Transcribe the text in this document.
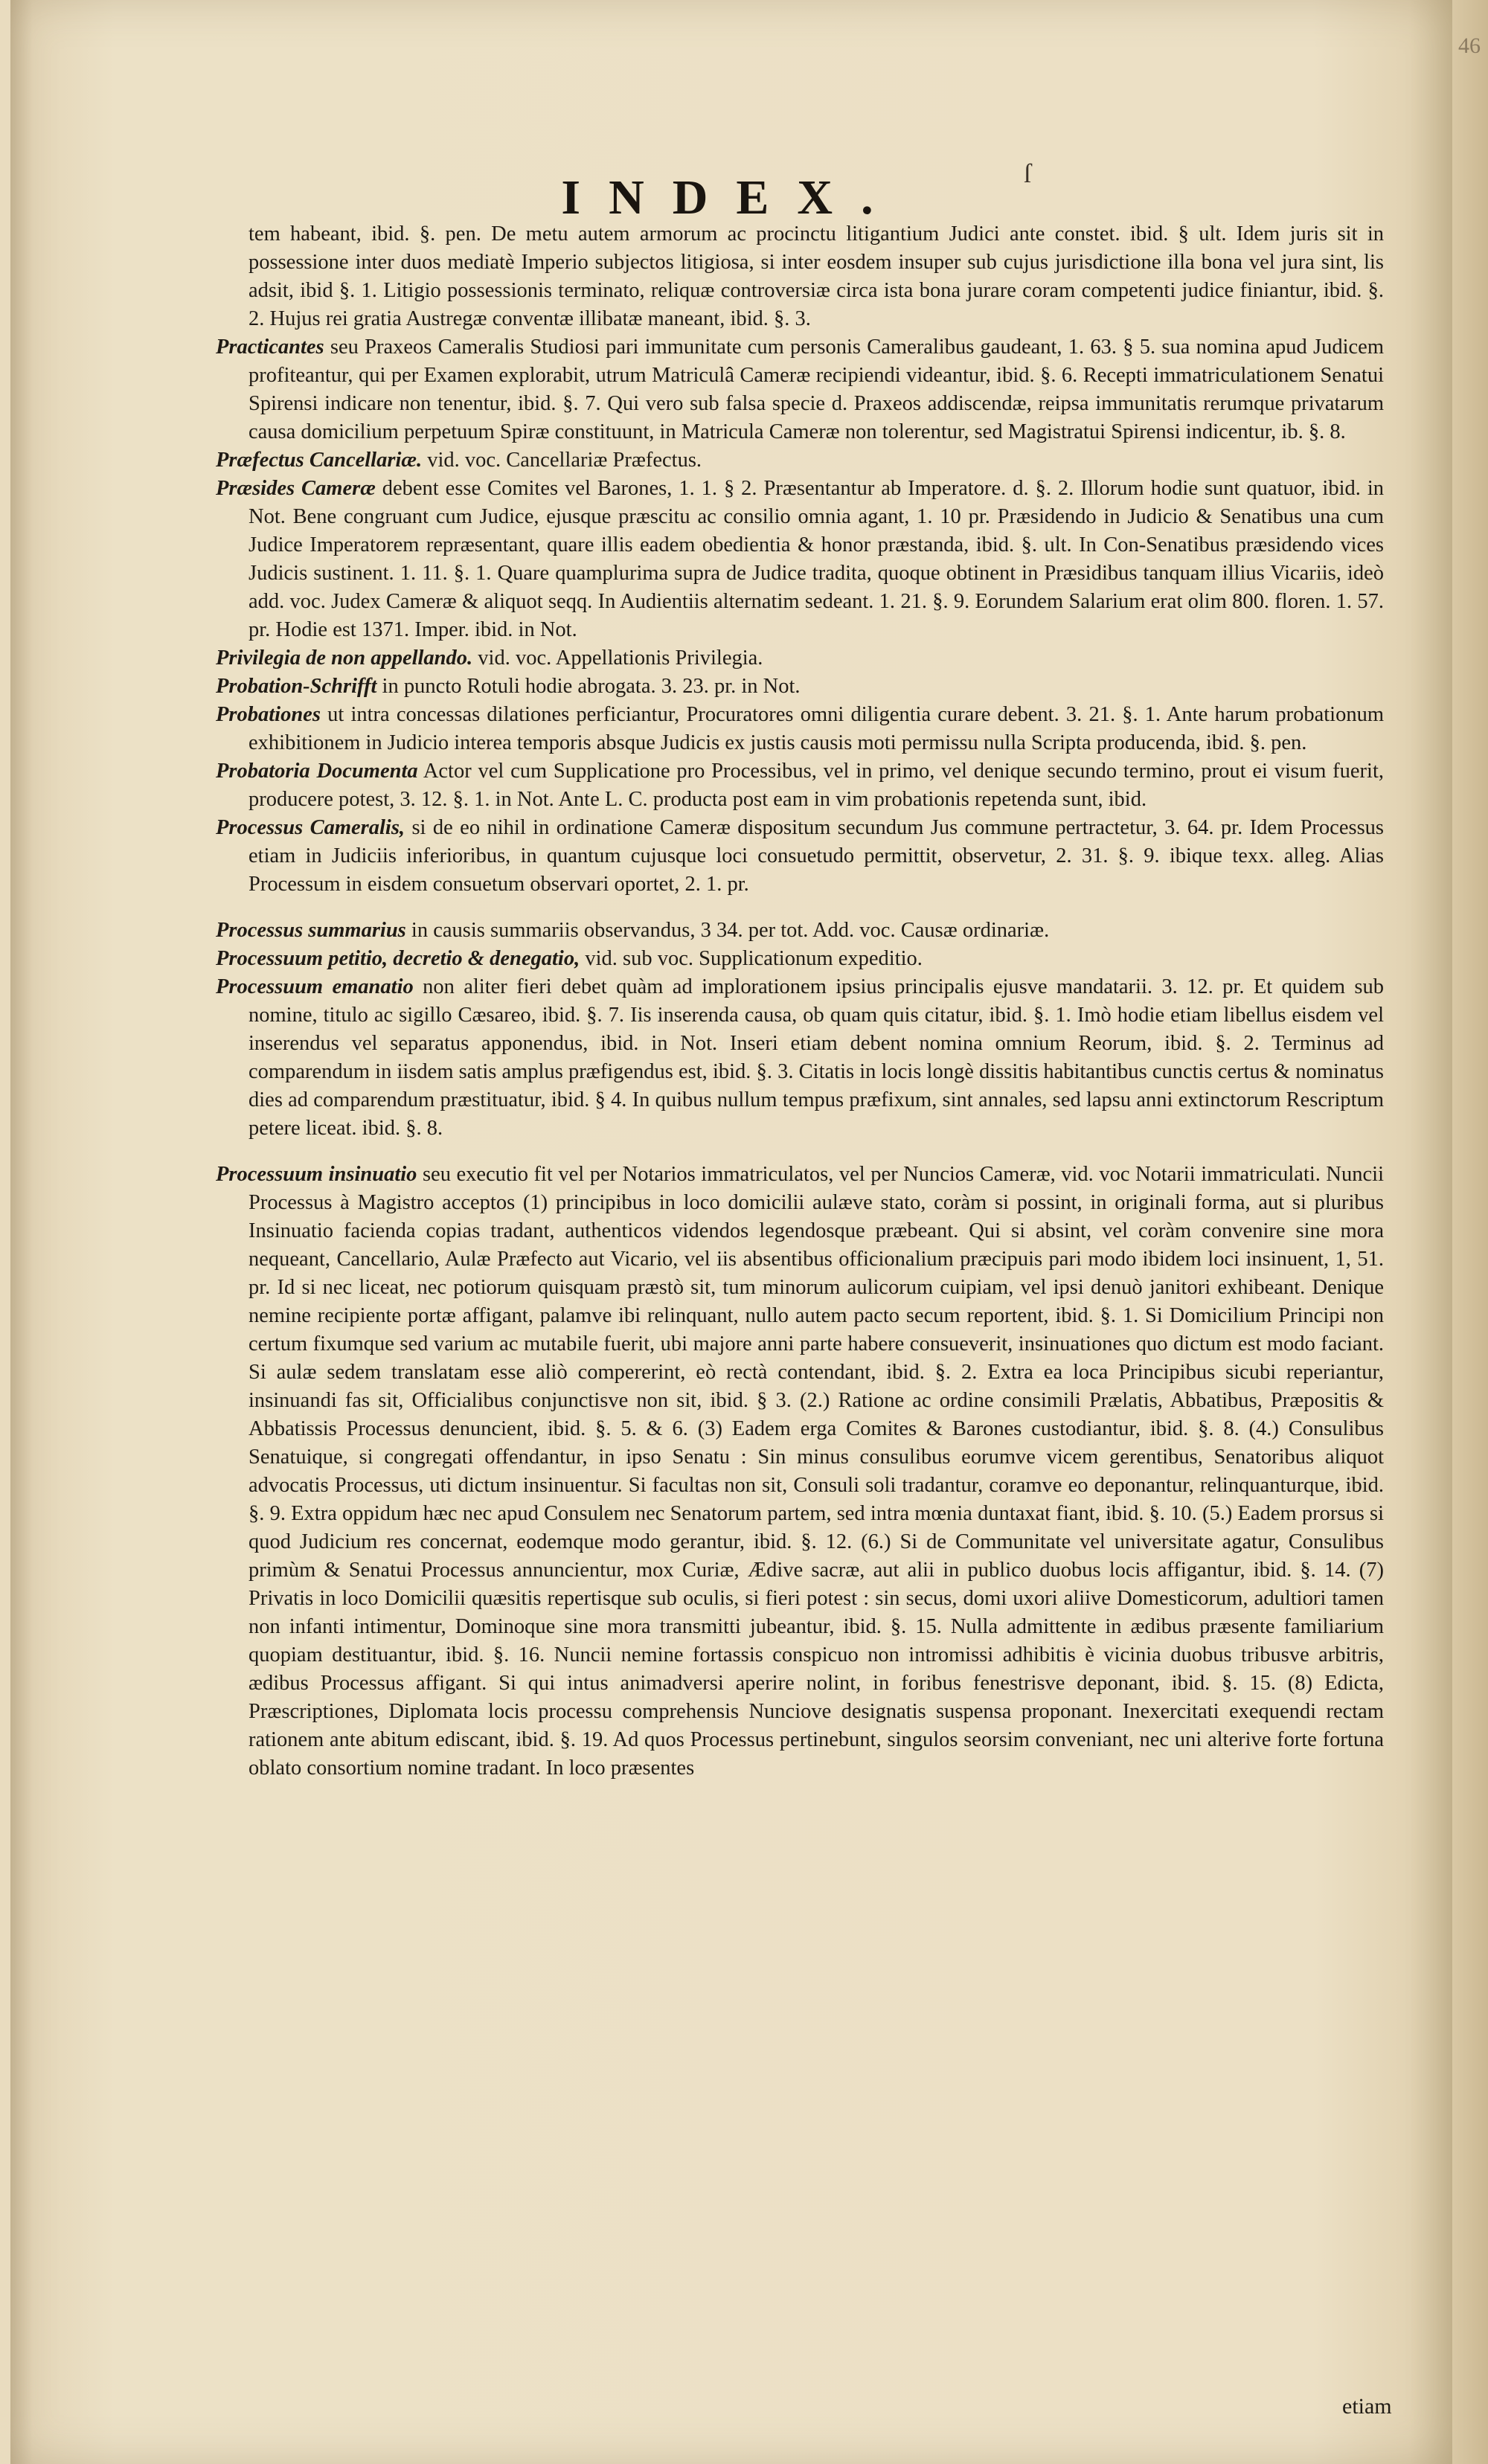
INDEX.	ſ

tem habeant, ibid. §. pen. De metu autem armorum ac procinctu litigantium Judici ante constet. ibid. § ult. Idem juris sit in possessione inter duos mediatè Imperio subjectos litigiosa, si inter eosdem insuper sub cujus jurisdictione illa bona vel jura sint, lis adsit, ibid §. 1. Litigio possessionis terminato, reliquæ controversiæ circa ista bona jurare coram competenti judice finiantur, ibid. §. 2. Hujus rei gratia Austregæ conventæ illibatæ maneant, ibid. §. 3.

Practicantes seu Praxeos Cameralis Studiosi pari immunitate cum personis Cameralibus gaudeant, 1. 63. § 5. sua nomina apud Judicem profiteantur, qui per Examen explorabit, utrum Matriculâ Cameræ recipiendi videantur, ibid. §. 6. Recepti immatriculationem Senatui Spirensi indicare non tenentur, ibid. §. 7. Qui vero sub falsa specie d. Praxeos addiscendæ, reipsa immunitatis rerumque privatarum causa domicilium perpetuum Spiræ constituunt, in Matricula Cameræ non tolerentur, sed Magistratui Spirensi indicentur, ib. §. 8.

Præfectus Cancellariæ. vid. voc. Cancellariæ Præfectus.

Præsides Cameræ debent esse Comites vel Barones, 1. 1. § 2. Præsentantur ab Imperatore. d. §. 2. Illorum hodie sunt quatuor, ibid. in Not. Bene congruant cum Judice, ejusque præscitu ac consilio omnia agant, 1. 10 pr. Præsidendo in Judicio & Senatibus una cum Judice Imperatorem repræsentant, quare illis eadem obedientia & honor præstanda, ibid. §. ult. In Con-Senatibus præsidendo vices Judicis sustinent. 1. 11. §. 1. Quare quamplurima supra de Judice tradita, quoque obtinent in Præsidibus tanquam illius Vicariis, ideò add. voc. Judex Cameræ & aliquot seqq. In Audientiis alternatim sedeant. 1. 21. §. 9. Eorundem Salarium erat olim 800. floren. 1. 57. pr. Hodie est 1371. Imper. ibid. in Not.

Privilegia de non appellando. vid. voc. Appellationis Privilegia.

Probation-Schrifft in puncto Rotuli hodie abrogata. 3. 23. pr. in Not.

Probationes ut intra concessas dilationes perficiantur, Procuratores omni diligentia curare debent. 3. 21. §. 1. Ante harum probationum exhibitionem in Judicio interea temporis absque Judicis ex justis causis moti permissu nulla Scripta producenda, ibid. §. pen.

Probatoria Documenta Actor vel cum Supplicatione pro Processibus, vel in primo, vel denique secundo termino, prout ei visum fuerit, producere potest, 3. 12. §. 1. in Not. Ante L. C. producta post eam in vim probationis repetenda sunt, ibid.

Processus Cameralis, si de eo nihil in ordinatione Cameræ dispositum secundum Jus commune pertractetur, 3. 64. pr. Idem Processus etiam in Judiciis inferioribus, in quantum cujusque loci consuetudo permittit, observetur, 2. 31. §. 9. ibique texx. alleg. Alias Processum in eisdem consuetum observari oportet, 2. 1. pr.

Processus summarius in causis summariis observandus, 3 34. per tot. Add. voc. Causæ ordinariæ.

Processuum petitio, decretio & denegatio, vid. sub voc. Supplicationum expeditio.

Processuum emanatio non aliter fieri debet quàm ad implorationem ipsius principalis ejusve mandatarii. 3. 12. pr. Et quidem sub nomine, titulo ac sigillo Cæsareo, ibid. §. 7. Iis inserenda causa, ob quam quis citatur, ibid. §. 1. Imò hodie etiam libellus eisdem vel inserendus vel separatus apponendus, ibid. in Not. Inseri etiam debent nomina omnium Reorum, ibid. §. 2. Terminus ad comparendum in iisdem satis amplus præfigendus est, ibid. §. 3. Citatis in locis longè dissitis habitantibus cunctis certus & nominatus dies ad comparendum præstituatur, ibid. § 4. In quibus nullum tempus præfixum, sint annales, sed lapsu anni extinctorum Rescriptum petere liceat. ibid. §. 8.

Processuum insinuatio seu executio fit vel per Notarios immatriculatos, vel per Nuncios Cameræ, vid. voc Notarii immatriculati. Nuncii Processus à Magistro acceptos (1) principibus in loco domicilii aulæve stato, coràm si possint, in originali forma, aut si pluribus Insinuatio facienda copias tradant, authenticos videndos legendosque præbeant. Qui si absint, vel coràm convenire sine mora nequeant, Cancellario, Aulæ Præfecto aut Vicario, vel iis absentibus officionalium præcipuis pari modo ibidem loci insinuent, 1, 51. pr. Id si nec liceat, nec potiorum quisquam præstò sit, tum minorum aulicorum cuipiam, vel ipsi denuò janitori exhibeant. Denique nemine recipiente portæ affigant, palamve ibi relinquant, nullo autem pacto secum reportent, ibid. §. 1. Si Domicilium Principi non certum fixumque sed varium ac mutabile fuerit, ubi majore anni parte habere consueverit, insinuationes quo dictum est modo faciant. Si aulæ sedem translatam esse aliò compererint, eò rectà contendant, ibid. §. 2. Extra ea loca Principibus sicubi reperiantur, insinuandi fas sit, Officialibus conjunctisve non sit, ibid. § 3. (2.) Ratione ac ordine consimili Prælatis, Abbatibus, Præpositis & Abbatissis Processus denuncient, ibid. §. 5. & 6. (3) Eadem erga Comites & Barones custodiantur, ibid. §. 8. (4.) Consulibus Senatuique, si congregati offendantur, in ipso Senatu : Sin minus consulibus eorumve vicem gerentibus, Senatoribus aliquot advocatis Processus, uti dictum insinuentur. Si facultas non sit, Consuli soli tradantur, coramve eo deponantur, relinquanturque, ibid. §. 9. Extra oppidum hæc nec apud Consulem nec Senatorum partem, sed intra mœnia duntaxat fiant, ibid. §. 10. (5.) Eadem prorsus si quod Judicium res concernat, eodemque modo gerantur, ibid. §. 12. (6.) Si de Communitate vel universitate agatur, Consulibus primùm & Senatui Processus annuncientur, mox Curiæ, Ædive sacræ, aut alii in publico duobus locis affigantur, ibid. §. 14. (7) Privatis in loco Domicilii quæsitis repertisque sub oculis, si fieri potest : sin secus, domi uxori aliive Domesticorum, adultiori tamen non infanti intimentur, Dominoque sine mora transmitti jubeantur, ibid. §. 15. Nulla admittente in ædibus præsente familiarium quopiam destituantur, ibid. §. 16. Nuncii nemine fortassis conspicuo non intromissi adhibitis è vicinia duobus tribusve arbitris, ædibus Processus affigant. Si qui intus animadversi aperire nolint, in foribus fenestrisve deponant, ibid. §. 15. (8) Edicta, Præscriptiones, Diplomata locis processu comprehensis Nunciove designatis suspensa proponant. Inexercitati exequendi rectam rationem ante abitum ediscant, ibid. §. 19. Ad quos Processus pertinebunt, singulos seorsim conveniant, nec uni alterive forte fortuna oblato consortium nomine tradant. In loco præsentes

etiam
46
